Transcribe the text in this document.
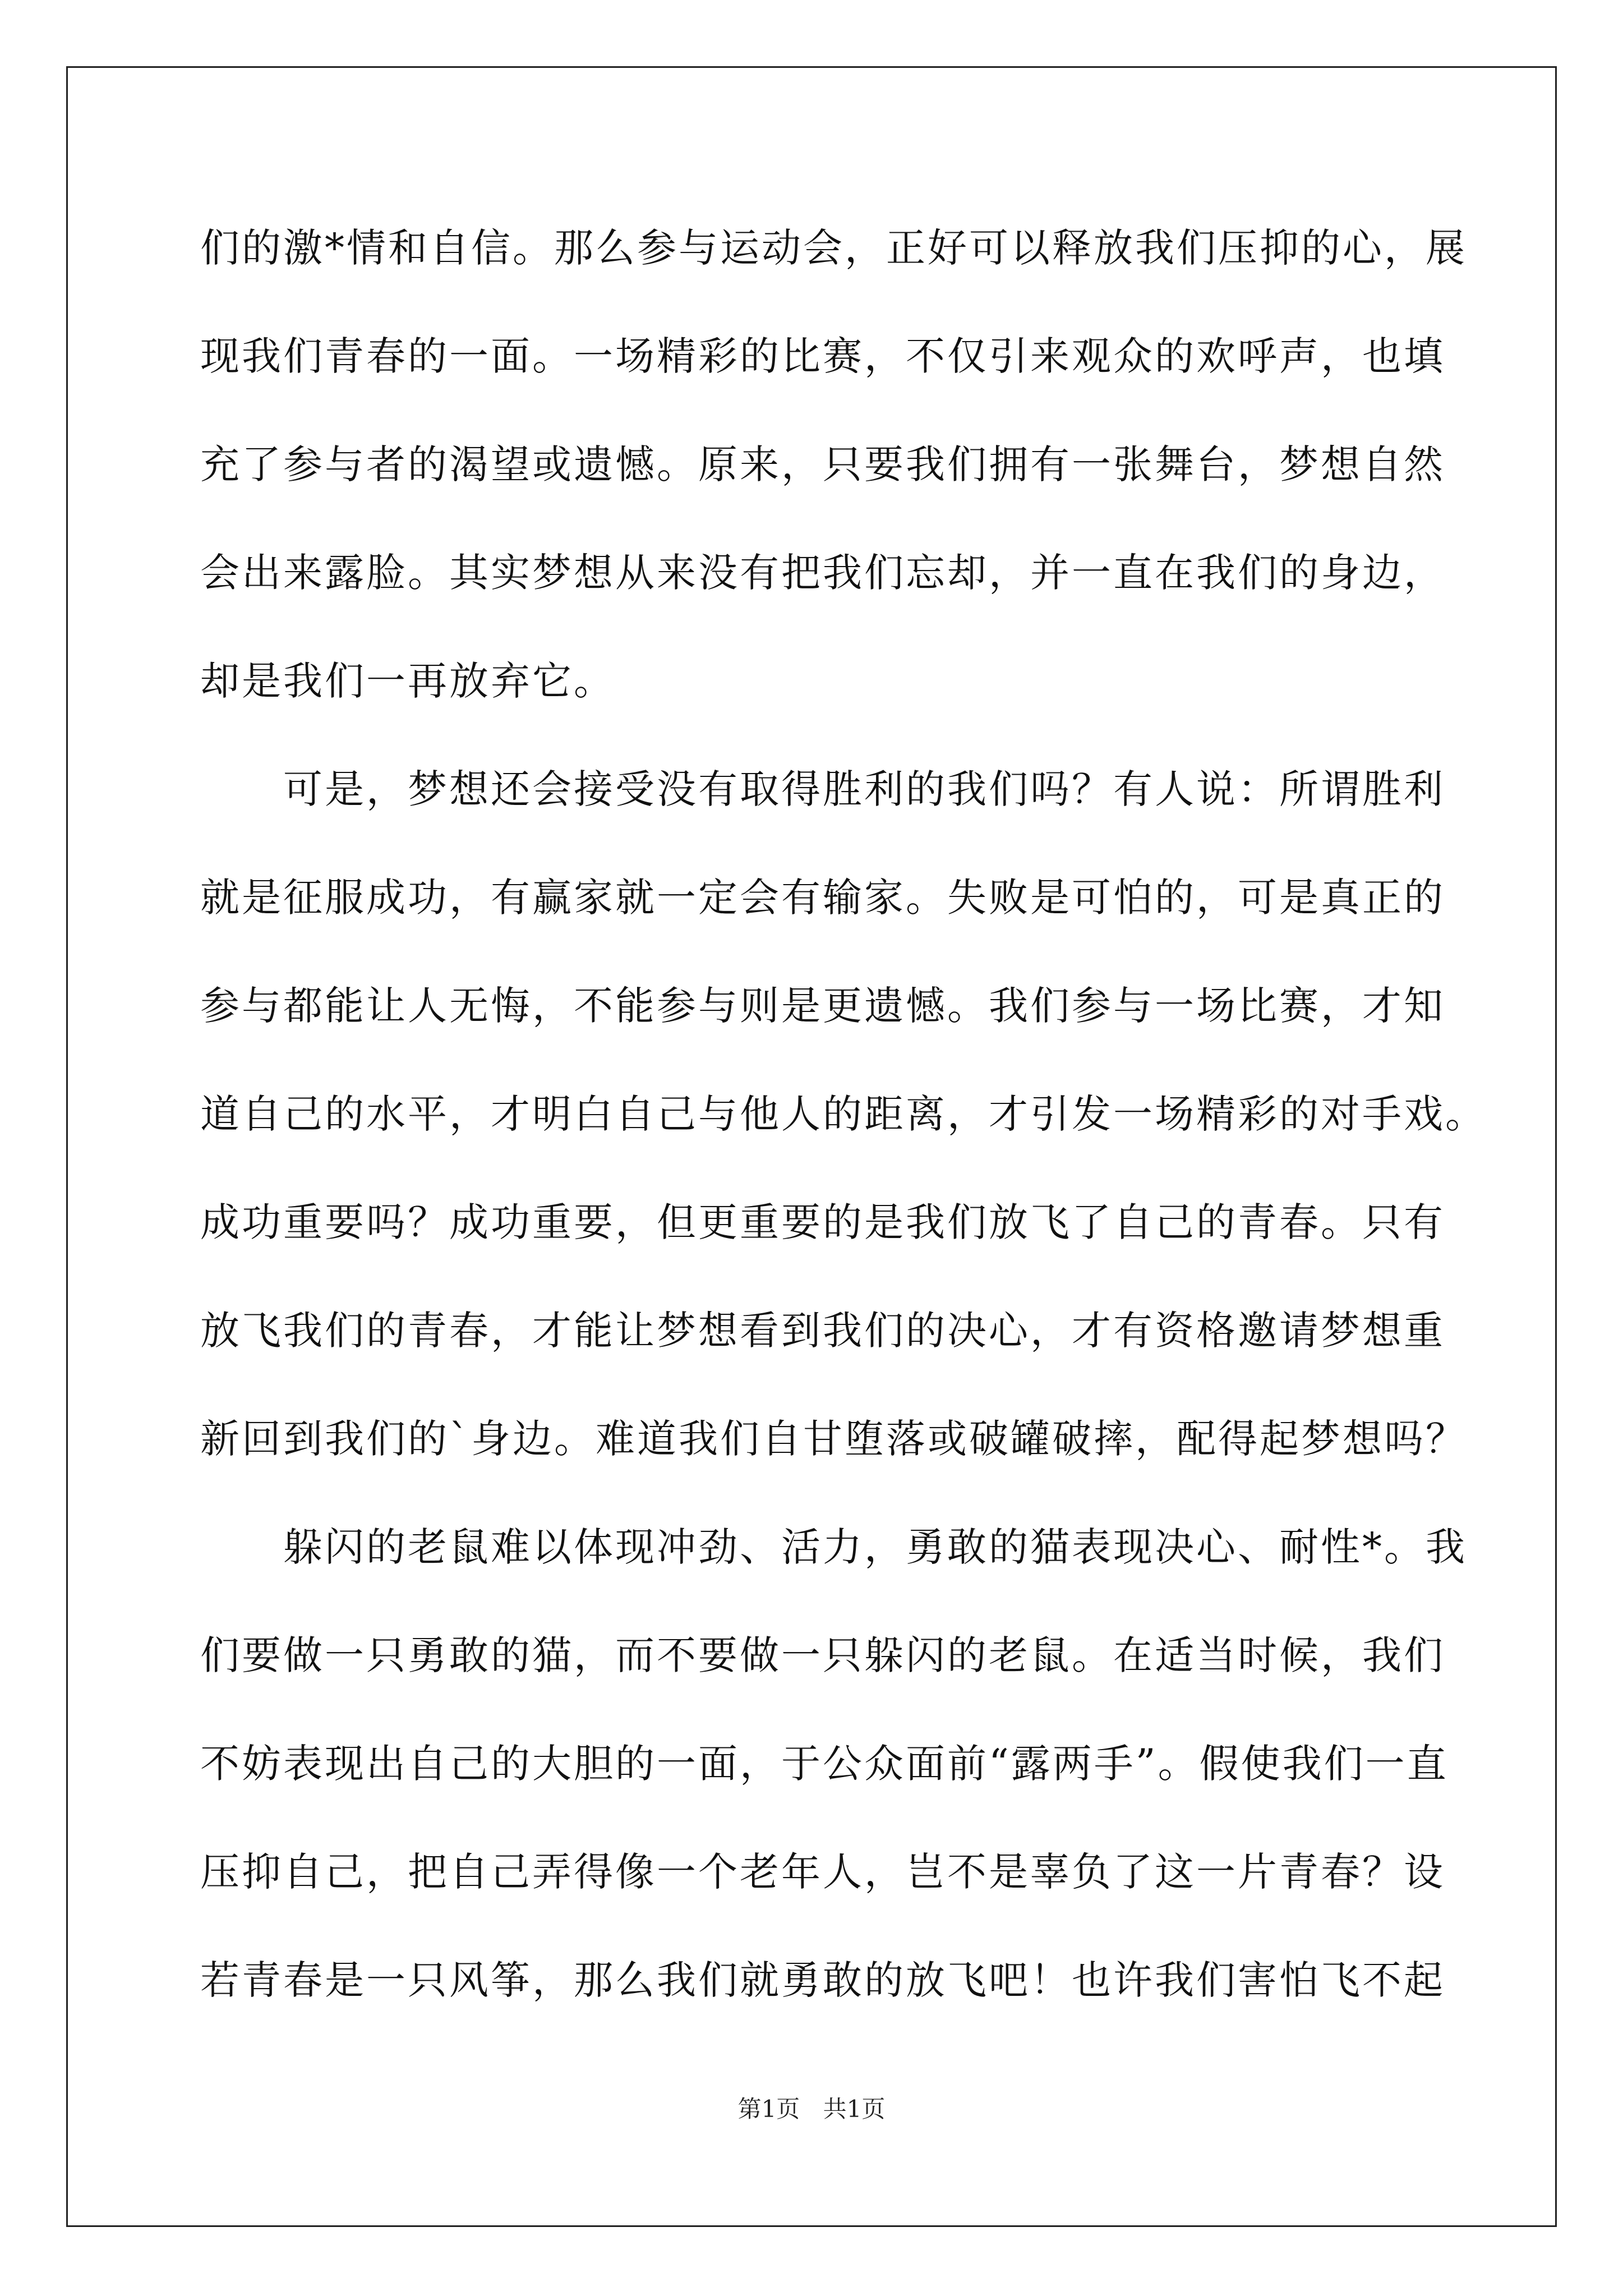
们的激*情和自信。那么参与运动会，正好可以释放我们压抑的心，展
现我们青春的一面。一场精彩的比赛，不仅引来观众的欢呼声，也填
充了参与者的渴望或遗憾。原来，只要我们拥有一张舞台，梦想自然
会出来露脸。其实梦想从来没有把我们忘却，并一直在我们的身边，
却是我们一再放弃它。
可是，梦想还会接受没有取得胜利的我们吗？有人说：所谓胜利
就是征服成功，有赢家就一定会有输家。失败是可怕的，可是真正的
参与都能让人无悔，不能参与则是更遗憾。我们参与一场比赛，才知
道自己的水平，才明白自己与他人的距离，才引发一场精彩的对手戏。
成功重要吗？成功重要，但更重要的是我们放飞了自己的青春。只有
放飞我们的青春，才能让梦想看到我们的决心，才有资格邀请梦想重
新回到我们的`身边。难道我们自甘堕落或破罐破摔，配得起梦想吗？
躲闪的老鼠难以体现冲劲、活力，勇敢的猫表现决心、耐性*。我
们要做一只勇敢的猫，而不要做一只躲闪的老鼠。在适当时候，我们
不妨表现出自己的大胆的一面，于公众面前“露两手”。假使我们一直
压抑自己，把自己弄得像一个老年人，岂不是辜负了这一片青春？设
若青春是一只风筝，那么我们就勇敢的放飞吧！也许我们害怕飞不起
第1页 共1页
